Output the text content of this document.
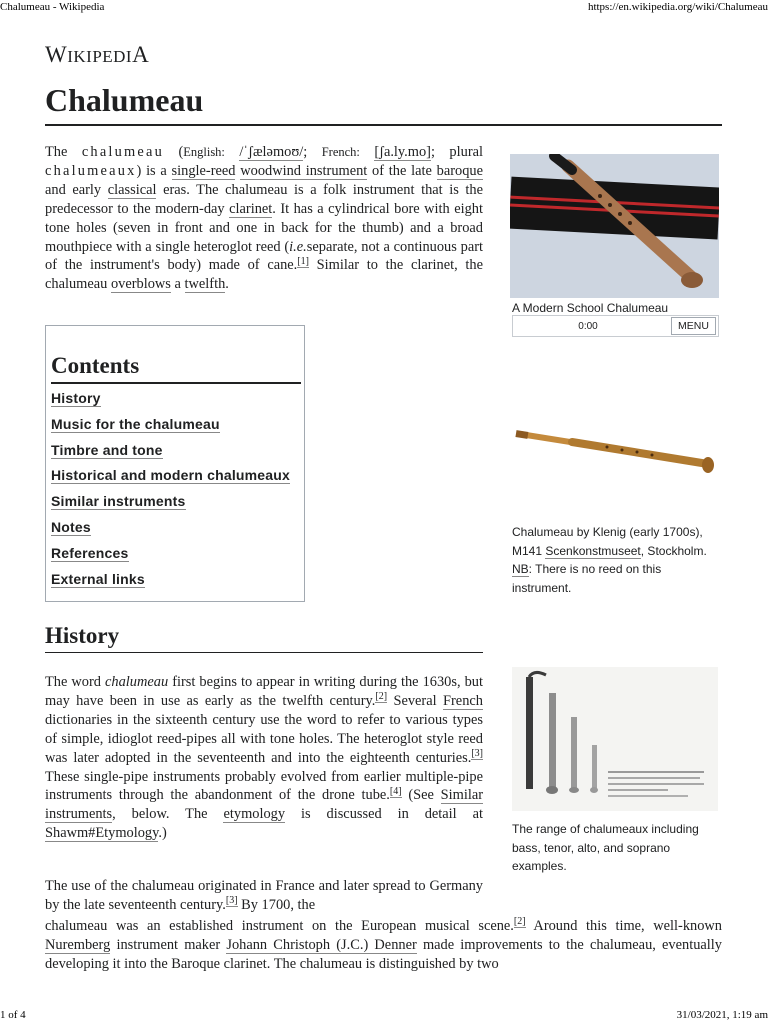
Chalumeau - Wikipedia	https://en.wikipedia.org/wiki/Chalumeau
1 of 4	31/03/2021, 1:19 am
WIKIPEDIA
Chalumeau

The chalumeau (English: /ˈʃæləmoʊ/; French: [ʃa.ly.mo]; plural chalumeaux) is a single-reed woodwind instrument of the late baroque and early classical eras. The chalumeau is a folk instrument that is the predecessor to the modern-day clarinet. It has a cylindrical bore with eight tone holes (seven in front and one in back for the thumb) and a broad mouthpiece with a single heteroglot reed (i.e.separate, not a continuous part of the instrument's body) made of cane.[1] Similar to the clarinet, the chalumeau overblows a twelfth.

A Modern School Chalumeau
0:00	MENU
Contents
History
Music for the chalumeau
Timbre and tone
Historical and modern chalumeaux
Similar instruments
Notes
References
External links
Chalumeau by Klenig (early 1700s), M141 Scenkonstmuseet, Stockholm. NB: There is no reed on this instrument.
History
The range of chalumeaux including bass, tenor, alto, and soprano examples.

The word chalumeau first begins to appear in writing during the 1630s, but may have been in use as early as the twelfth century.[2] Several French dictionaries in the sixteenth century use the word to refer to various types of simple, idioglot reed-pipes all with tone holes. The heteroglot style reed was later adopted in the seventeenth and into the eighteenth centuries.[3] These single-pipe instruments probably evolved from earlier multiple-pipe instruments through the abandonment of the drone tube.[4] (See Similar instruments, below. The etymology is discussed in detail at Shawm#Etymology.)

The use of the chalumeau originated in France and later spread to Germany by the late seventeenth century.[3] By 1700, the

chalumeau was an established instrument on the European musical scene.[2] Around this time, well-known Nuremberg instrument maker Johann Christoph (J.C.) Denner made improvements to the chalumeau, eventually developing it into the Baroque clarinet. The chalumeau is distinguished by two
